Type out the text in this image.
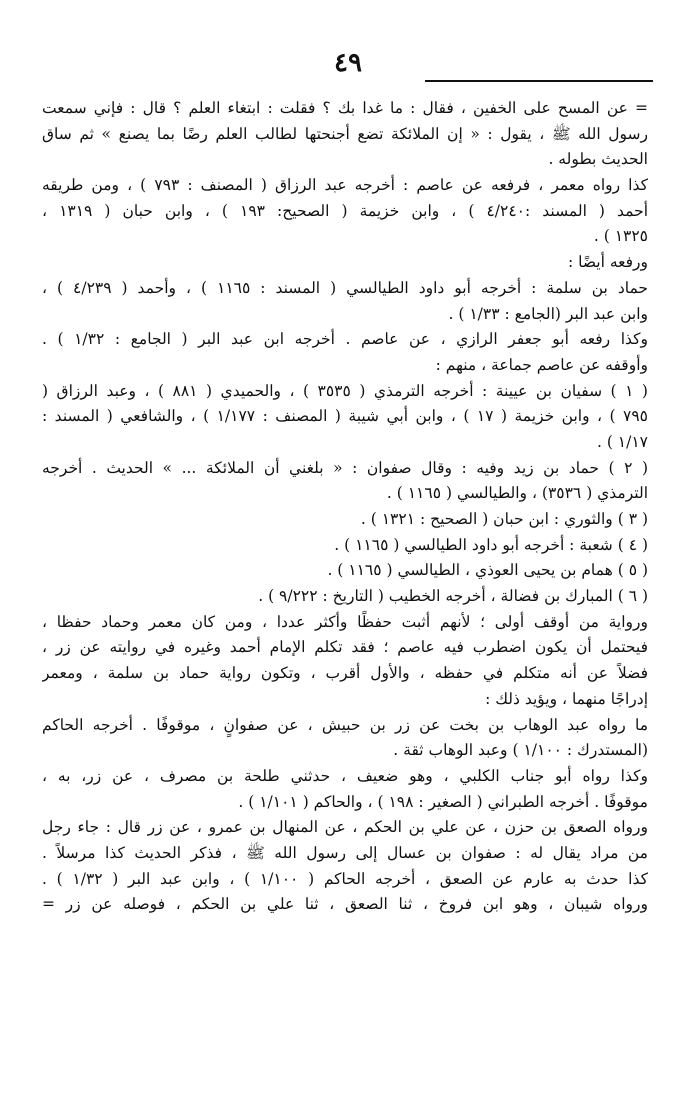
٤٩
= عن المسح على الخفين ، فقال : ما غدا بك ؟ فقلت : ابتغاء العلم ؟ قال : فإني سمعت
رسول الله ﷺ ، يقول : « إن الملائكة تضع أجنحتها لطالب العلم رضًا بما يصنع » ثم ساق
الحديث بطوله .
كذا رواه معمر ، فرفعه عن عاصم : أخرجه عبد الرزاق ( المصنف : ٧٩٣ ) ، ومن طريقه
أحمد ( المسند :٤/٢٤٠ ) ، وابن خزيمة ( الصحيح: ١٩٣ ) ، وابن حبان ( ١٣١٩ ،
١٣٢٥ ) .
ورفعه أيضًا :
حماد بن سلمة : أخرجه أبو داود الطيالسي ( المسند : ١١٦٥ ) ، وأحمد ( ٤/٢٣٩ ) ،
وابن عبد البر (الجامع : ١/٣٣ ) .
وكذا رفعه أبو جعفر الرازي ، عن عاصم . أخرجه ابن عبد البر ( الجامع : ١/٣٢ ) .
وأوقفه عن عاصم جماعة ، منهم :
( ١ ) سفيان بن عيينة : أخرجه الترمذي ( ٣٥٣٥ ) ، والحميدي ( ٨٨١ ) ، وعبد الرزاق (
٧٩٥ ) ، وابن خزيمة ( ١٧ ) ، وابن أبي شيبة ( المصنف : ١/١٧٧ ) ، والشافعي ( المسند :
١/١٧ ) .
( ٢ ) حماد بن زيد وفيه : وقال صفوان : « بلغني أن الملائكة ... » الحديث . أخرجه
الترمذي ( ٣٥٣٦) ، والطيالسي ( ١١٦٥ ) .
( ٣ ) والثوري : ابن حبان ( الصحيح : ١٣٢١ ) .
( ٤ ) شعبة : أخرجه أبو داود الطيالسي ( ١١٦٥ ) .
( ٥ ) همام بن يحيى العوذي ، الطيالسي ( ١١٦٥ ) .
( ٦ ) المبارك بن فضالة ، أخرجه الخطيب ( التاريخ : ٩/٢٢٢ ) .
ورواية من أوقف أولى ؛ لأنهم أثبت حفظًا وأكثر عددا ، ومن كان معمر وحماد حفظا ،
فيحتمل أن يكون اضطرب فيه عاصم ؛ فقد تكلم الإمام أحمد وغيره في روايته عن زر ،
فضلاً عن أنه متكلم في حفظه ، والأول أقرب ، وتكون رواية حماد بن سلمة ، ومعمر
إدراجًا منهما ، ويؤيد ذلك :
ما رواه عبد الوهاب بن بخت عن زر بن حبيش ، عن صفوانٍ ، موقوفًا . أخرجه الحاكم
(المستدرك : ١/١٠٠ ) وعبد الوهاب ثقة .
وكذا رواه أبو جناب الكلبي ، وهو ضعيف ، حدثني طلحة بن مصرف ، عن زر، به ،
موقوفًا . أخرجه الطبراني ( الصغير : ١٩٨ ) ، والحاكم ( ١/١٠١ ) .
ورواه الصعق بن حزن ، عن علي بن الحكم ، عن المنهال بن عمرو ، عن زر قال : جاء رجل
من مراد يقال له : صفوان بن عسال إلى رسول الله ﷺ ، فذكر الحديث كذا مرسلاً .
كذا حدث به عارم عن الصعق ، أخرجه الحاكم ( ١/١٠٠ ) ، وابن عبد البر ( ١/٣٢ ) .
ورواه شيبان ، وهو ابن فروخ ، ثنا الصعق ، ثنا علي بن الحكم ، فوصله عن زر =
